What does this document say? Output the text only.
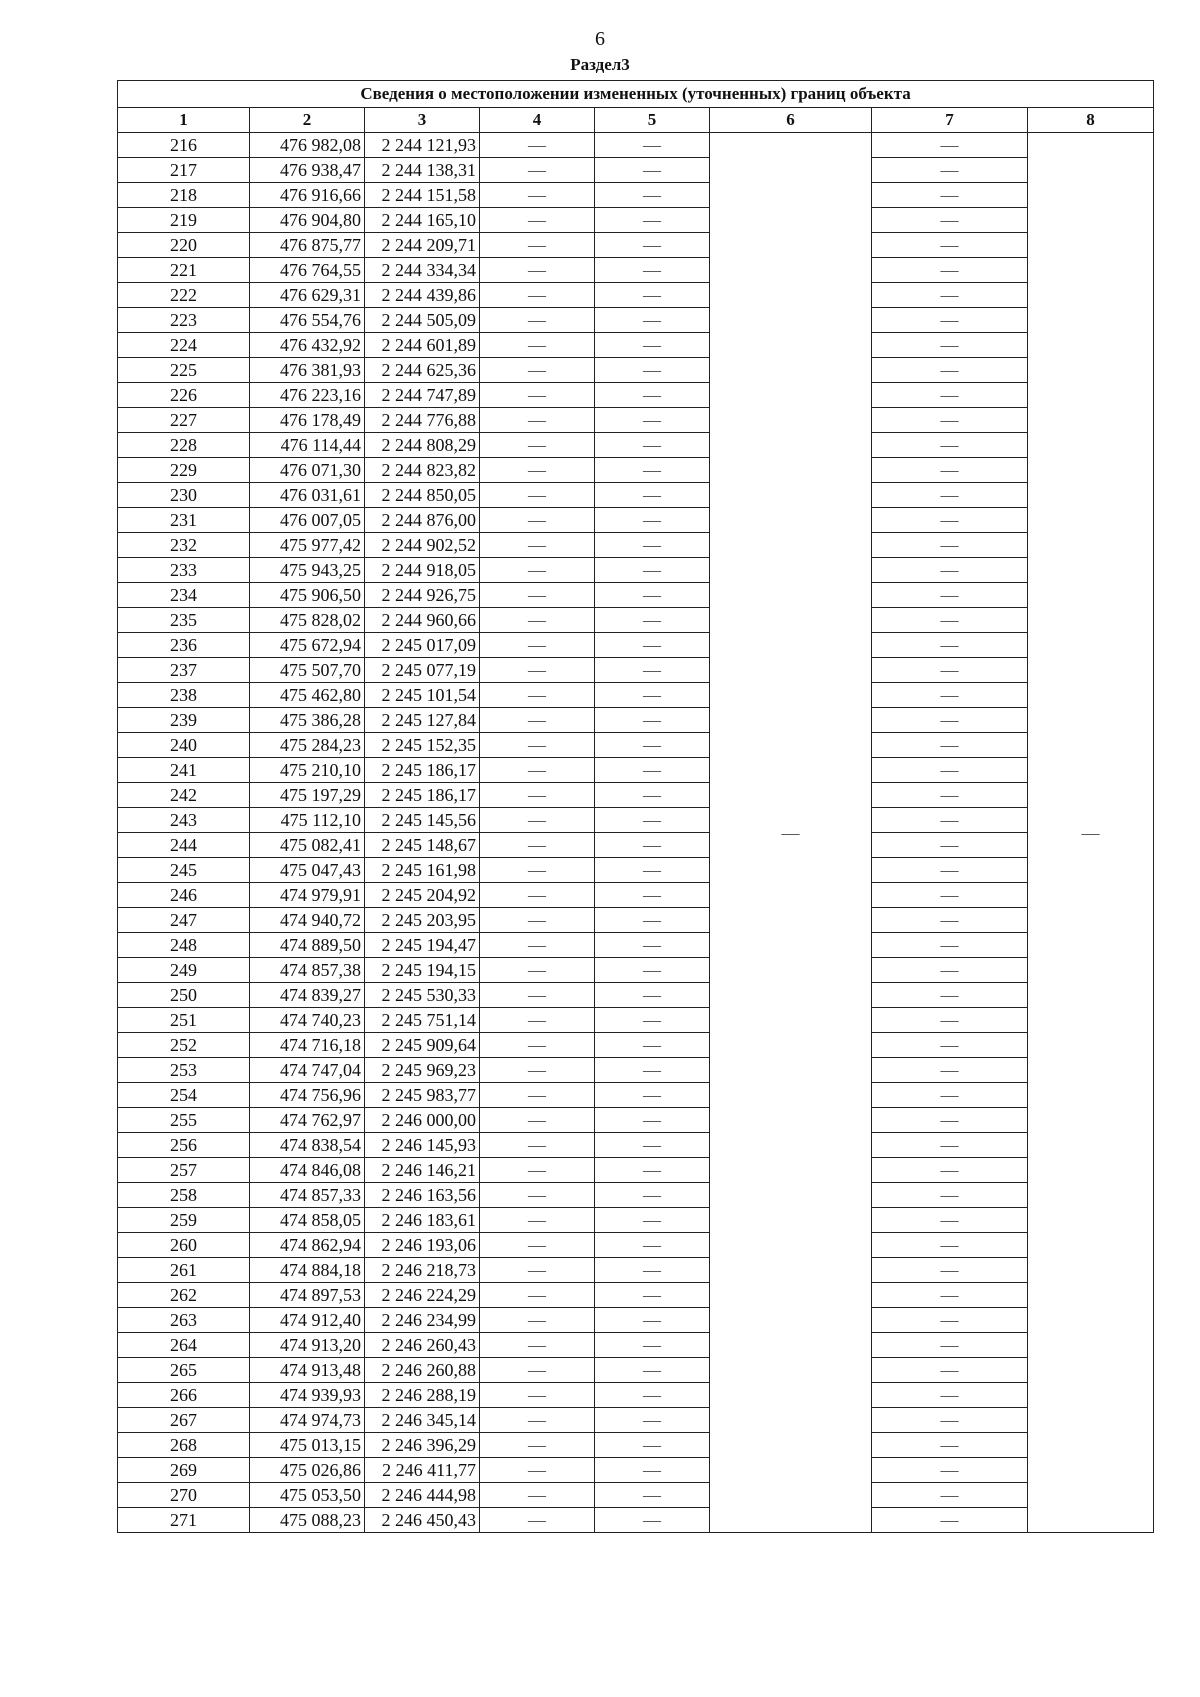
6
Раздел3
Сведения о местоположении измененных (уточненных) границ объекта							
1	2	3	4	5	6	7	8
216	476 982,08	2 244 121,93	—	—	—	—	—
217	476 938,47	2 244 138,31	—	—		—	
218	476 916,66	2 244 151,58	—	—		—	
219	476 904,80	2 244 165,10	—	—		—	
220	476 875,77	2 244 209,71	—	—		—	
221	476 764,55	2 244 334,34	—	—		—	
222	476 629,31	2 244 439,86	—	—		—	
223	476 554,76	2 244 505,09	—	—		—	
224	476 432,92	2 244 601,89	—	—		—	
225	476 381,93	2 244 625,36	—	—		—	
226	476 223,16	2 244 747,89	—	—		—	
227	476 178,49	2 244 776,88	—	—		—	
228	476 114,44	2 244 808,29	—	—		—	
229	476 071,30	2 244 823,82	—	—		—	
230	476 031,61	2 244 850,05	—	—		—	
231	476 007,05	2 244 876,00	—	—		—	
232	475 977,42	2 244 902,52	—	—		—	
233	475 943,25	2 244 918,05	—	—		—	
234	475 906,50	2 244 926,75	—	—		—	
235	475 828,02	2 244 960,66	—	—		—	
236	475 672,94	2 245 017,09	—	—		—	
237	475 507,70	2 245 077,19	—	—		—	
238	475 462,80	2 245 101,54	—	—		—	
239	475 386,28	2 245 127,84	—	—		—	
240	475 284,23	2 245 152,35	—	—		—	
241	475 210,10	2 245 186,17	—	—		—	
242	475 197,29	2 245 186,17	—	—		—	
243	475 112,10	2 245 145,56	—	—		—	
244	475 082,41	2 245 148,67	—	—		—	
245	475 047,43	2 245 161,98	—	—		—	
246	474 979,91	2 245 204,92	—	—		—	
247	474 940,72	2 245 203,95	—	—		—	
248	474 889,50	2 245 194,47	—	—		—	
249	474 857,38	2 245 194,15	—	—		—	
250	474 839,27	2 245 530,33	—	—		—	
251	474 740,23	2 245 751,14	—	—		—	
252	474 716,18	2 245 909,64	—	—		—	
253	474 747,04	2 245 969,23	—	—		—	
254	474 756,96	2 245 983,77	—	—		—	
255	474 762,97	2 246 000,00	—	—		—	
256	474 838,54	2 246 145,93	—	—		—	
257	474 846,08	2 246 146,21	—	—		—	
258	474 857,33	2 246 163,56	—	—		—	
259	474 858,05	2 246 183,61	—	—		—	
260	474 862,94	2 246 193,06	—	—		—	
261	474 884,18	2 246 218,73	—	—		—	
262	474 897,53	2 246 224,29	—	—		—	
263	474 912,40	2 246 234,99	—	—		—	
264	474 913,20	2 246 260,43	—	—		—	
265	474 913,48	2 246 260,88	—	—		—	
266	474 939,93	2 246 288,19	—	—		—	
267	474 974,73	2 246 345,14	—	—		—	
268	475 013,15	2 246 396,29	—	—		—	
269	475 026,86	2 246 411,77	—	—		—	
270	475 053,50	2 246 444,98	—	—		—	
271	475 088,23	2 246 450,43	—	—		—	
